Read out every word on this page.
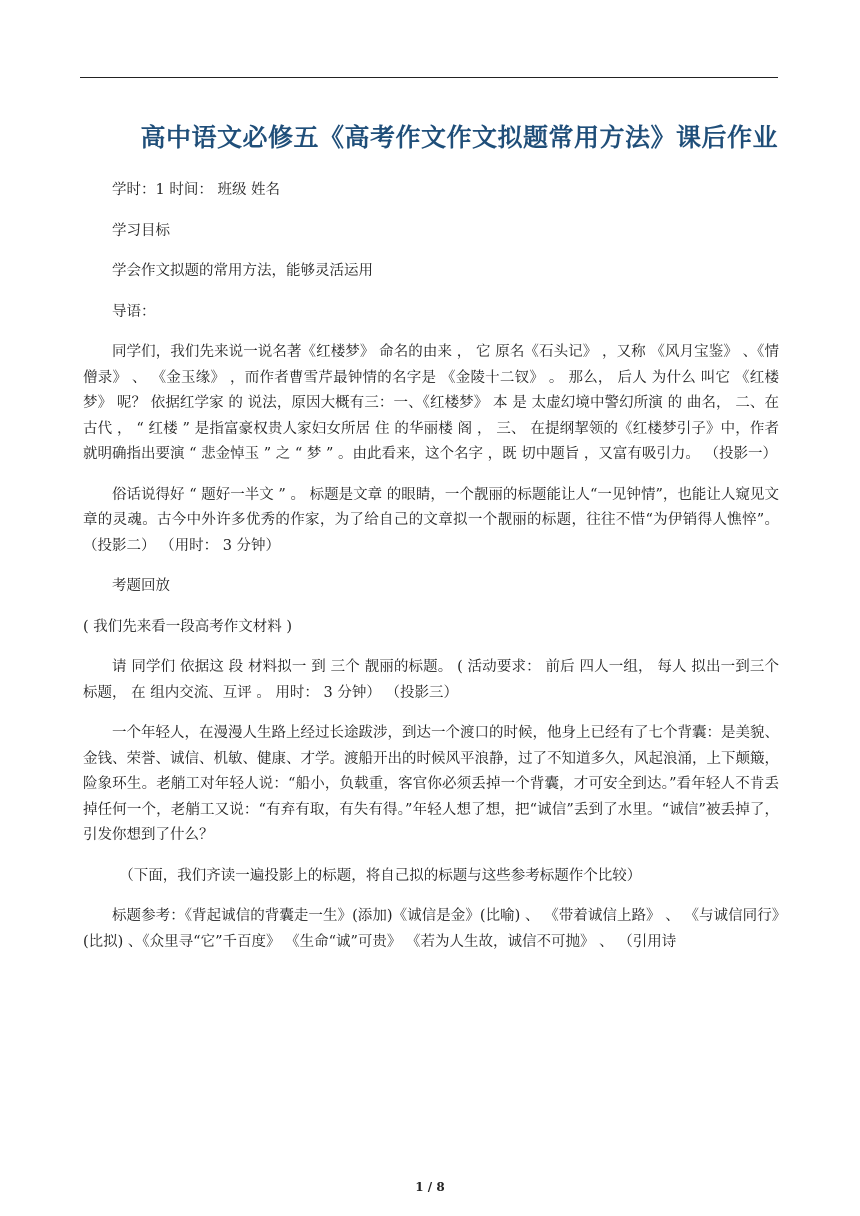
高中语文必修五《高考作文作文拟题常用方法》课后作业

学时：1 时间： 班级 姓名

学习目标

学会作文拟题的常用方法，能够灵活运用

导语：

同学们，我们先来说一说名著《红楼梦》 命名的由来 ， 它 原名《石头记》 ，又称 《风月宝鉴》 、《情僧录》 、 《金玉缘》 ，而作者曹雪芹最钟情的名字是 《金陵十二钗》 。 那么， 后人 为什么 叫它 《红楼梦》 呢？ 依据红学家 的 说法，原因大概有三：一、《红楼梦》 本 是 太虚幻境中警幻所演 的 曲名， 二、在 古代 ， “ 红楼 ” 是指富豪权贵人家妇女所居 住 的华丽楼 阁 ， 三、 在提纲挈领的《红楼梦引子》中，作者就明确指出要演 “ 悲金悼玉 ” 之 “ 梦 ” 。由此看来，这个名字 ，既 切中题旨 ，又富有吸引力。 （投影一）

俗话说得好 “ 题好一半文 ” 。 标题是文章 的眼睛，一个靓丽的标题能让人“一见钟情”，也能让人窥见文章的灵魂。古今中外许多优秀的作家，为了给自己的文章拟一个靓丽的标题，往往不惜“为伊销得人憔悴”。 （投影二） （用时： 3 分钟）

考题回放

( 我们先来看一段高考作文材料 )

请 同学们 依据这 段 材料拟一 到 三个 靓丽的标题。 ( 活动要求： 前后 四人一组， 每人 拟出一到三个标题， 在 组内交流、互评 。 用时： 3 分钟） （投影三）

一个年轻人，在漫漫人生路上经过长途跋涉，到达一个渡口的时候，他身上已经有了七个背囊：是美貌、金钱、荣誉、诚信、机敏、健康、才学。渡船开出的时候风平浪静，过了不知道多久，风起浪涌，上下颠簸，险象环生。老艄工对年轻人说：“船小，负载重，客官你必须丢掉一个背囊，才可安全到达。”看年轻人不肯丢掉任何一个，老艄工又说：“有弃有取，有失有得。”年轻人想了想，把“诚信”丢到了水里。“诚信”被丢掉了，引发你想到了什么？

（下面，我们齐读一遍投影上的标题，将自己拟的标题与这些参考标题作个比较）

标题参考：《背起诚信的背囊走一生》(添加)《诚信是金》(比喻) 、 《带着诚信上路》 、 《与诚信同行》(比拟) 、《众里寻“它”千百度》 《生命“诚”可贵》 《若为人生故，诚信不可抛》 、 （引用诗

1 / 8
